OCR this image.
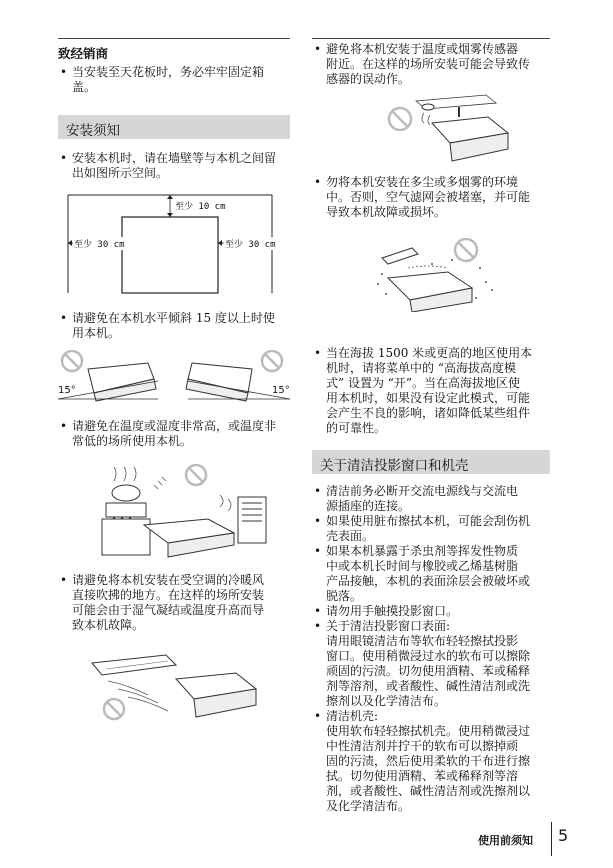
致经销商
• 当安装至天花板时，务必牢牢固定箱
盖。
安装须知
• 安装本机时，请在墙壁等与本机之间留
出如图所示空间。
至少 10 cm
至少 30 cm	至少 30 cm
• 请避免在本机水平倾斜 15 度以上时使
用本机。
15°	15°
• 请避免在温度或湿度非常高，或温度非
常低的场所使用本机。
• 请避免将本机安装在受空调的冷暖风
直接吹拂的地方。在这样的场所安装
可能会由于湿气凝结或温度升高而导
致本机故障。
• 避免将本机安装于温度或烟雾传感器
附近。在这样的场所安装可能会导致传
感器的误动作。
• 勿将本机安装在多尘或多烟雾的环境
中。否则，空气滤网会被堵塞，并可能
导致本机故障或损坏。
• 当在海拔 1500 米或更高的地区使用本
机时，请将菜单中的 “高海拔高度模
式” 设置为 “开”。当在高海拔地区使
用本机时，如果没有设定此模式，可能
会产生不良的影响，诸如降低某些组件
的可靠性。
关于清洁投影窗口和机壳
• 清洁前务必断开交流电源线与交流电
源插座的连接。
• 如果使用脏布擦拭本机，可能会刮伤机
壳表面。
• 如果本机暴露于杀虫剂等挥发性物质
中或本机长时间与橡胶或乙烯基树脂
产品接触，本机的表面涂层会被破坏或
脱落。
• 请勿用手触摸投影窗口。
• 关于清洁投影窗口表面:
请用眼镜清洁布等软布轻轻擦拭投影
窗口。使用稍微浸过水的软布可以擦除
顽固的污渍。切勿使用酒精、苯或稀释
剂等溶剂，或者酸性、碱性清洁剂或洗
擦剂以及化学清洁布。
• 清洁机壳:
使用软布轻轻擦拭机壳。使用稍微浸过
中性清洁剂并拧干的软布可以擦掉顽
固的污渍，然后使用柔软的干布进行擦
拭。切勿使用酒精、苯或稀释剂等溶
剂，或者酸性、碱性清洁剂或洗擦剂以
及化学清洁布。
使用前须知 5
